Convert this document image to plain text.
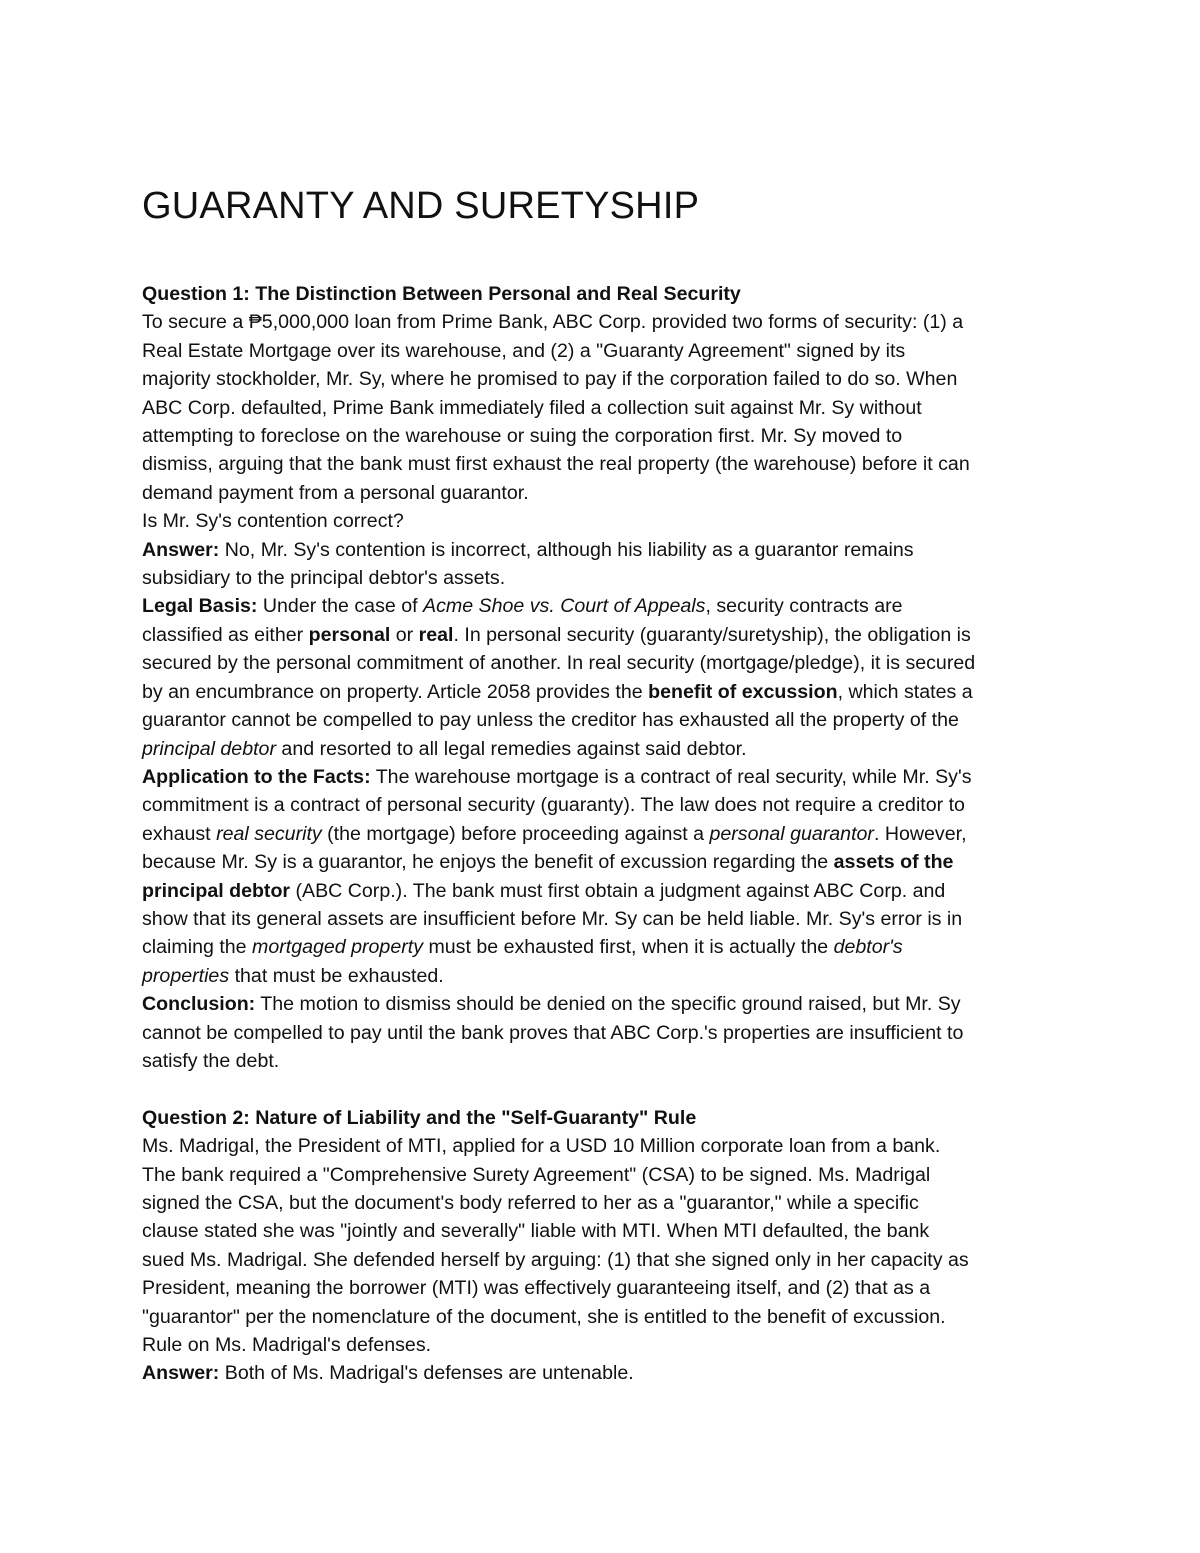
GUARANTY AND SURETYSHIP

Question 1: The Distinction Between Personal and Real Security

To secure a ₱5,000,000 loan from Prime Bank, ABC Corp. provided two forms of security: (1) a

Real Estate Mortgage over its warehouse, and (2) a "Guaranty Agreement" signed by its

majority stockholder, Mr. Sy, where he promised to pay if the corporation failed to do so. When

ABC Corp. defaulted, Prime Bank immediately filed a collection suit against Mr. Sy without

attempting to foreclose on the warehouse or suing the corporation first. Mr. Sy moved to

dismiss, arguing that the bank must first exhaust the real property (the warehouse) before it can

demand payment from a personal guarantor.

Is Mr. Sy's contention correct?

Answer: No, Mr. Sy's contention is incorrect, although his liability as a guarantor remains

subsidiary to the principal debtor's assets.

Legal Basis: Under the case of Acme Shoe vs. Court of Appeals, security contracts are

classified as either personal or real. In personal security (guaranty/suretyship), the obligation is

secured by the personal commitment of another. In real security (mortgage/pledge), it is secured

by an encumbrance on property. Article 2058 provides the benefit of excussion, which states a

guarantor cannot be compelled to pay unless the creditor has exhausted all the property of the

principal debtor and resorted to all legal remedies against said debtor.

Application to the Facts: The warehouse mortgage is a contract of real security, while Mr. Sy's

commitment is a contract of personal security (guaranty). The law does not require a creditor to

exhaust real security (the mortgage) before proceeding against a personal guarantor. However,

because Mr. Sy is a guarantor, he enjoys the benefit of excussion regarding the assets of the

principal debtor (ABC Corp.). The bank must first obtain a judgment against ABC Corp. and

show that its general assets are insufficient before Mr. Sy can be held liable. Mr. Sy's error is in

claiming the mortgaged property must be exhausted first, when it is actually the debtor's

properties that must be exhausted.

Conclusion: The motion to dismiss should be denied on the specific ground raised, but Mr. Sy

cannot be compelled to pay until the bank proves that ABC Corp.'s properties are insufficient to

satisfy the debt.

Question 2: Nature of Liability and the "Self-Guaranty" Rule

Ms. Madrigal, the President of MTI, applied for a USD 10 Million corporate loan from a bank.

The bank required a "Comprehensive Surety Agreement" (CSA) to be signed. Ms. Madrigal

signed the CSA, but the document's body referred to her as a "guarantor," while a specific

clause stated she was "jointly and severally" liable with MTI. When MTI defaulted, the bank

sued Ms. Madrigal. She defended herself by arguing: (1) that she signed only in her capacity as

President, meaning the borrower (MTI) was effectively guaranteeing itself, and (2) that as a

"guarantor" per the nomenclature of the document, she is entitled to the benefit of excussion.

Rule on Ms. Madrigal's defenses.

Answer: Both of Ms. Madrigal's defenses are untenable.
